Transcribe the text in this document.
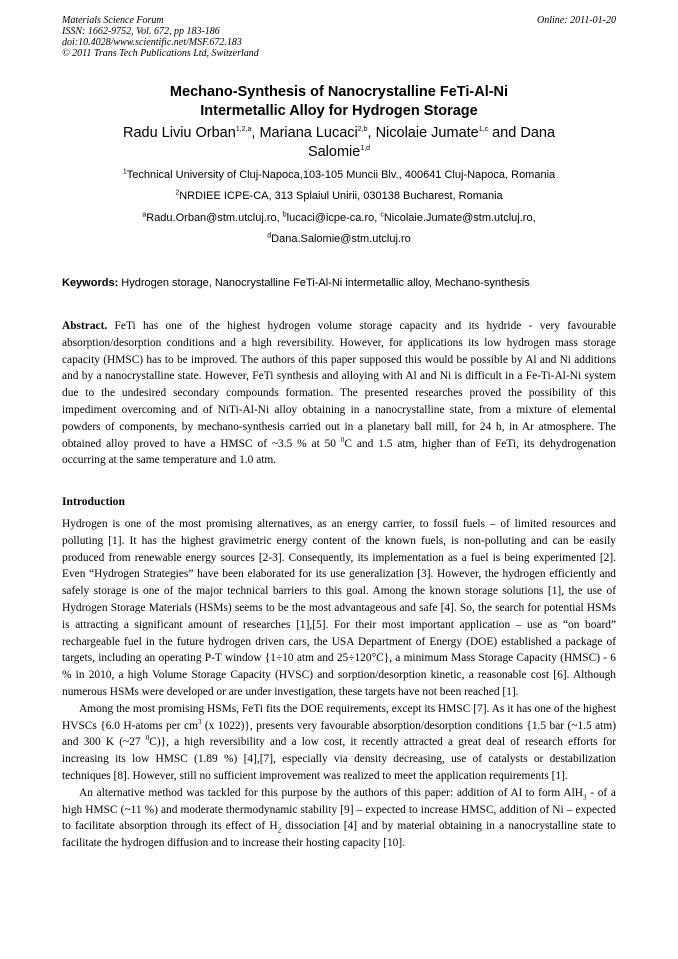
Materials Science Forum
ISSN: 1662-9752, Vol. 672, pp 183-186
doi:10.4028/www.scientific.net/MSF.672.183
© 2011 Trans Tech Publications Ltd, Switzerland
Online: 2011-01-20
Mechano-Synthesis of Nanocrystalline FeTi-Al-Ni
Intermetallic Alloy for Hydrogen Storage
Radu Liviu Orban$^{1,2,a}$, Mariana Lucaci$^{2,b}$, Nicolaie Jumate$^{1,c}$ and Dana
Salomie$^{1,d}$
$^1$Technical University of Cluj-Napoca,103-105 Muncii Blv., 400641 Cluj-Napoca, Romania
$^2$NRDIEE ICPE-CA, 313 Splaiul Unirii, 030138 Bucharest, Romania
$^a$Radu.Orban@stm.utcluj.ro, $^b$lucaci@icpe-ca.ro, $^c$Nicolaie.Jumate@stm.utcluj.ro,
$^d$Dana.Salomie@stm.utcluj.ro
Keywords: Hydrogen storage, Nanocrystalline FeTi-Al-Ni intermetallic alloy, Mechano-synthesis
Abstract. FeTi has one of the highest hydrogen volume storage capacity and its hydride - very favourable absorption/desorption conditions and a high reversibility. However, for applications its low hydrogen mass storage capacity (HMSC) has to be improved. The authors of this paper supposed this would be possible by Al and Ni additions and by a nanocrystalline state. However, FeTi synthesis and alloying with Al and Ni is difficult in a Fe-Ti-Al-Ni system due to the undesired secondary compounds formation. The presented researches proved the possibility of this impediment overcoming and of NiTi-Al-Ni alloy obtaining in a nanocrystalline state, from a mixture of elemental powders of components, by mechano-synthesis carried out in a planetary ball mill, for 24 h, in Ar atmosphere. The obtained alloy proved to have a HMSC of ~3.5 % at 50 $^0$C and 1.5 atm, higher than of FeTi, its dehydrogenation occurring at the same temperature and 1.0 atm.
Introduction

Hydrogen is one of the most promising alternatives, as an energy carrier, to fossil fuels – of limited resources and polluting [1]. It has the highest gravimetric energy content of the known fuels, is non-polluting and can be easily produced from renewable energy sources [2-3]. Consequently, its implementation as a fuel is being experimented [2]. Even “Hydrogen Strategies” have been elaborated for its use generalization [3]. However, the hydrogen efficiently and safely storage is one of the major technical barriers to this goal. Among the known storage solutions [1], the use of Hydrogen Storage Materials (HSMs) seems to be the most advantageous and safe [4]. So, the search for potential HSMs is attracting a significant amount of researches [1],[5]. For their most important application – use as “on board” rechargeable fuel in the future hydrogen driven cars, the USA Department of Energy (DOE) established a package of targets, including an operating P-T window {1÷10 atm and 25÷120°C}, a minimum Mass Storage Capacity (HMSC) - 6 % in 2010, a high Volume Storage Capacity (HVSC) and sorption/desorption kinetic, a reasonable cost [6]. Although numerous HSMs were developed or are under investigation, these targets have not been reached [1].

Among the most promising HSMs, FeTi fits the DOE requirements, except its HMSC [7]. As it has one of the highest HVSCs {6.0 H-atoms per $cm^3$ (x 1022)}, presents very favourable absorption/desorption conditions {1.5 bar (~1.5 atm) and 300 K (~27 $^0$C)}, a high reversibility and a low cost, it recently attracted a great deal of research efforts for increasing its low HMSC (1.89 %) [4],[7], especially via density decreasing, use of catalysts or destabilization techniques [8]. However, still no sufficient improvement was realized to meet the application requirements [1].

An alternative method was tackled for this purpose by the authors of this paper: addition of Al to form AlH$_3$ - of a high HMSC (~11 %) and moderate thermodynamic stability [9] – expected to increase HMSC, addition of Ni – expected to facilitate absorption through its effect of $H_2$ dissociation [4] and by material obtaining in a nanocrystalline state to facilitate the hydrogen diffusion and to increase their hosting capacity [10].
